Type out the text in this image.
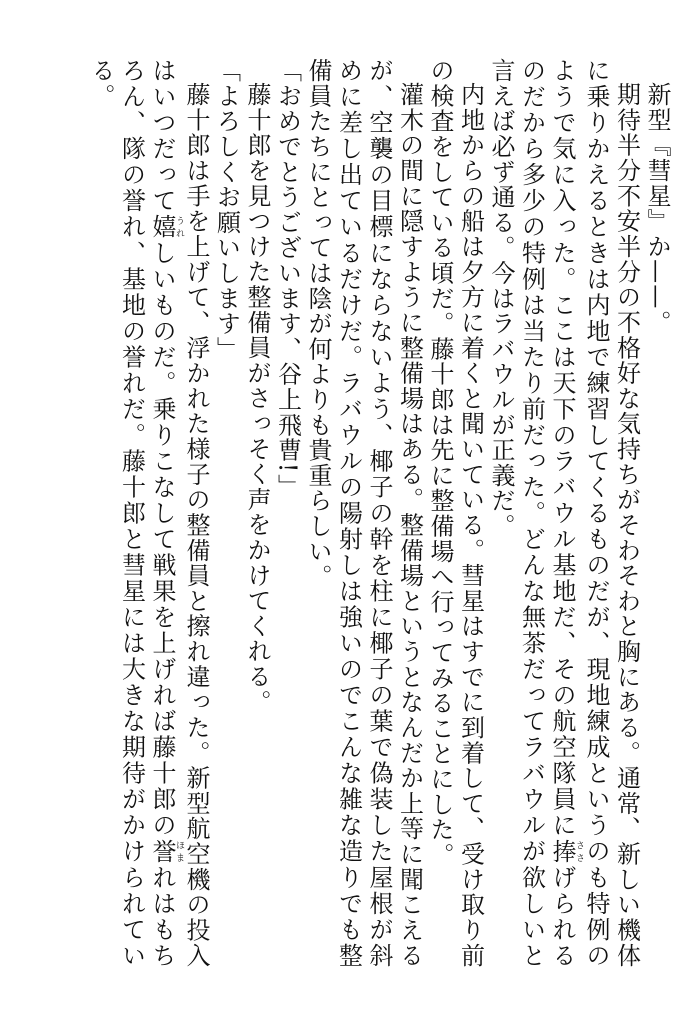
新型『彗星』か——。

期待半分不安半分の不格好な気持ちがそわそわと胸にある。通常、新しい機体に乗りかえるときは内地で練習してくるものだが、現地練成というのも特例のようで気に入った。ここは天下のラバウル基地だ、その航空隊員に捧ささげられるのだから多少の特例は当たり前だった。どんな無茶だってラバウルが欲しいと言えば必ず通る。今はラバウルが正義だ。

内地からの船は夕方に着くと聞いている。彗星はすでに到着して、受け取り前の検査をしている頃だ。藤十郎は先に整備場へ行ってみることにした。

灌木の間に隠すように整備場はある。整備場というとなんだか上等に聞こえるが、空襲の目標にならないよう、椰子の幹を柱に椰子の葉で偽装した屋根が斜めに差し出ているだけだ。ラバウルの陽射しは強いのでこんな雑な造りでも整備員たちにとっては陰が何よりも貴重らしい。

「おめでとうございます、谷上飛曹!」

藤十郎を見つけた整備員がさっそく声をかけてくれる。

「よろしくお願いします」

藤十郎は手を上げて、浮かれた様子の整備員と擦れ違った。新型航空機の投入はいつだって嬉うれしいものだ。乗りこなして戦果を上げれば藤十郎の誉ほまれはもちろん、隊の誉れ、基地の誉れだ。藤十郎と彗星には大きな期待がかけられている。
